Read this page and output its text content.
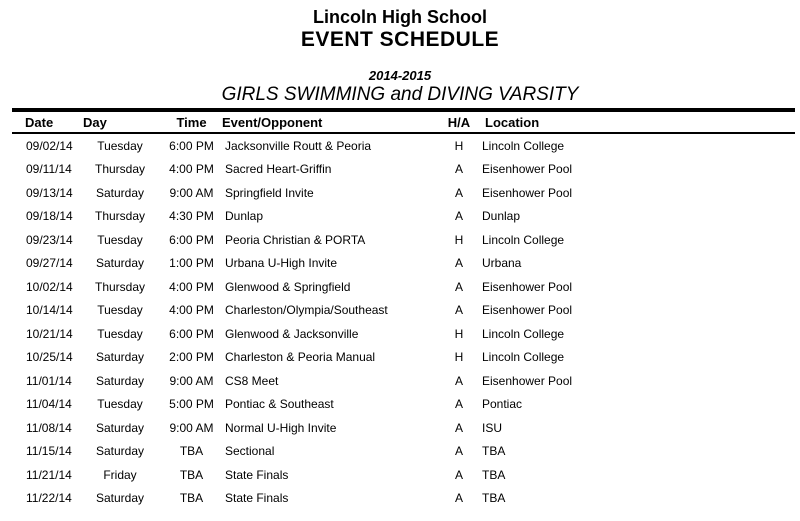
Lincoln High School
EVENT SCHEDULE
2014-2015
GIRLS SWIMMING and DIVING VARSITY

Date	Day	Time	Event/Opponent	H/A	Location

09/02/14	Tuesday	6:00 PM	Jacksonville Routt & Peoria	H	Lincoln College
09/11/14	Thursday	4:00 PM	Sacred Heart-Griffin	A	Eisenhower Pool
09/13/14	Saturday	9:00 AM	Springfield Invite	A	Eisenhower Pool
09/18/14	Thursday	4:30 PM	Dunlap	A	Dunlap
09/23/14	Tuesday	6:00 PM	Peoria Christian & PORTA	H	Lincoln College
09/27/14	Saturday	1:00 PM	Urbana U-High Invite	A	Urbana
10/02/14	Thursday	4:00 PM	Glenwood & Springfield	A	Eisenhower Pool
10/14/14	Tuesday	4:00 PM	Charleston/Olympia/Southeast	A	Eisenhower Pool
10/21/14	Tuesday	6:00 PM	Glenwood & Jacksonville	H	Lincoln College
10/25/14	Saturday	2:00 PM	Charleston & Peoria Manual	H	Lincoln College
11/01/14	Saturday	9:00 AM	CS8 Meet	A	Eisenhower Pool
11/04/14	Tuesday	5:00 PM	Pontiac & Southeast	A	Pontiac
11/08/14	Saturday	9:00 AM	Normal U-High Invite	A	ISU
11/15/14	Saturday	TBA	Sectional	A	TBA
11/21/14	Friday	TBA	State Finals	A	TBA
11/22/14	Saturday	TBA	State Finals	A	TBA
